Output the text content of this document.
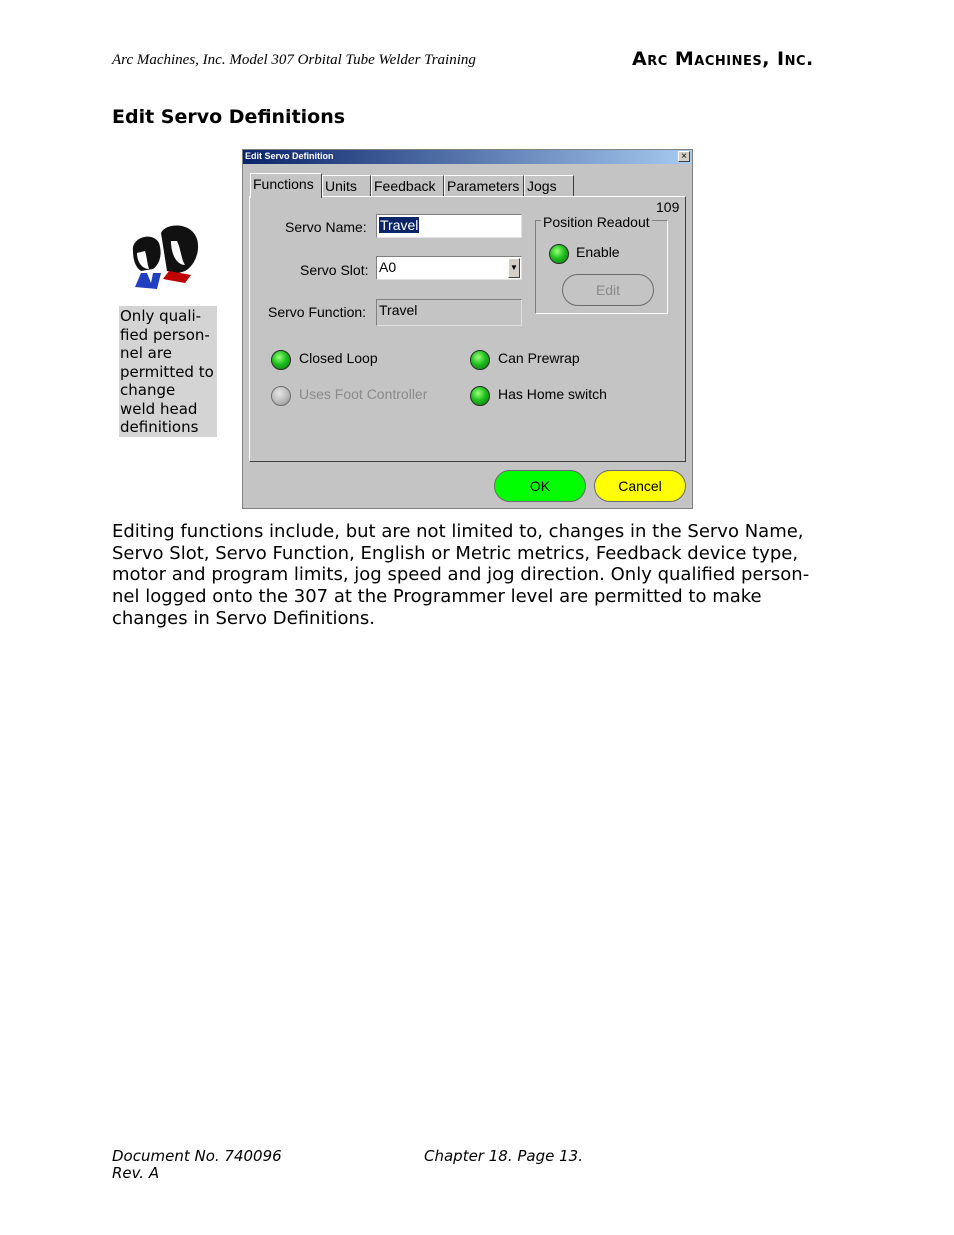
Arc Machines, Inc. Model 307 Orbital Tube Welder Training	Arc Machines, Inc.
Edit Servo Definitions
Only quali-
fied person-
nel are
permitted to
change
weld head
definitions
Edit Servo Definition	×
Functions Units	Feedback Parameters Jogs
109
Servo Name: Travel
Servo Slot: A0	▼
Servo Function: Travel
Position Readout
Enable
Edit
Closed Loop
Uses Foot Controller
Can Prewrap
Has Home switch
OK	Cancel
Editing functions include, but are not limited to, changes in the Servo Name,
Servo Slot, Servo Function, English or Metric metrics, Feedback device type,
motor and program limits, jog speed and jog direction. Only qualified person-
nel logged onto the 307 at the Programmer level are permitted to make
changes in Servo Definitions.
Document No. 740096
Rev. A
Chapter 18. Page 13.
